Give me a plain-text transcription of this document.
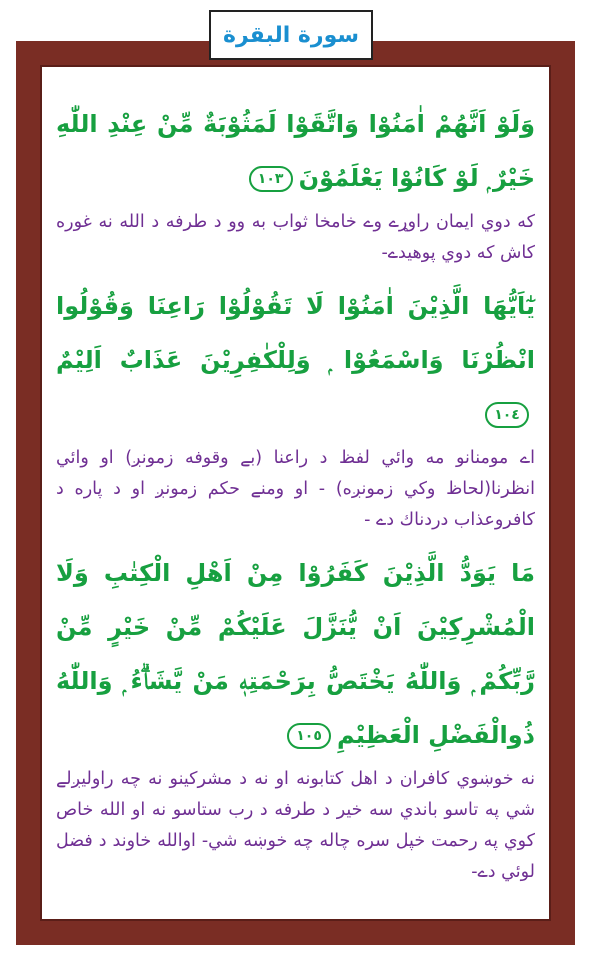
سورة البقرة

وَلَوْ اَنَّهُمْ اٰمَنُوْا وَاتَّقَوْا لَمَثُوْبَةٌ مِّنْ عِنْدِ اللّٰهِ خَيْرٌ ۭ لَوْ كَانُوْا يَعْلَمُوْنَ١٠٣

كه دوي ايمان راوړے وے خامخا ثواب به وو د طرفه د الله نه غوره كاش كه دوي پوهيدے-

يٰٓاَيُّهَا الَّذِيْنَ اٰمَنُوْا لَا تَقُوْلُوْا رَاعِنَا وَقُوْلُوا انْظُرْنَا وَاسْمَعُوْا ۭ وَلِلْكٰفِرِيْنَ عَذَابٌ اَلِيْمٌ١٠٤

اے مومنانو مه وائي لفظ د راعنا (بے وقوفه زمونږ) او وائي انظرنا(لحاظ وكي زمونږه) - او ومنے حكم زمونږ او د پاره د كافروعذاب دردناك دے -

مَا يَوَدُّ الَّذِيْنَ كَفَرُوْا مِنْ اَھْلِ الْكِتٰبِ وَلَا الْمُشْرِكِيْنَ اَنْ يُّنَزَّلَ عَلَيْكُمْ مِّنْ خَيْرٍ مِّنْ رَّبِّكُمْ ۭ وَاللّٰهُ يَخْتَصُّ بِرَحْمَتِهٖ مَنْ يَّشَاۗءُ ۭ وَاللّٰهُ ذُوالْفَضْلِ الْعَظِيْمِ١٠٥

نه خوښوي كافران د اهل كتابونه او نه د مشركينو نه چه راوليږلے شي په تاسو باندي سه خير د طرفه د رب ستاسو نه او الله خاص كوي په رحمت خپل سره چاله چه خوښه شي- اوالله خاوند د فضل لوئي دے-
